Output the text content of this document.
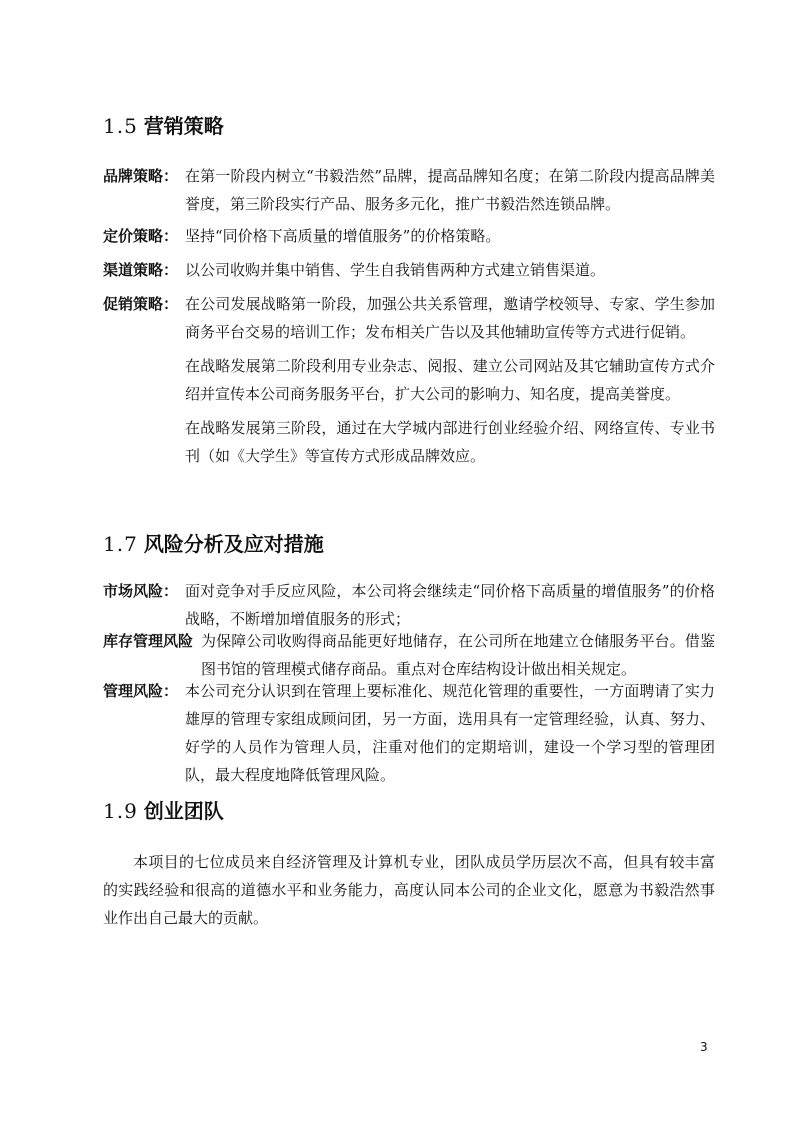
1.5 营销策略
品牌策略： 在第一阶段内树立“书毅浩然”品牌，提高品牌知名度；在第二阶段内提高品牌美誉度，第三阶段实行产品、服务多元化，推广书毅浩然连锁品牌。

定价策略： 坚持“同价格下高质量的增值服务”的价格策略。

渠道策略： 以公司收购并集中销售、学生自我销售两种方式建立销售渠道。

促销策略： 在公司发展战略第一阶段，加强公共关系管理，邀请学校领导、专家、学生参加商务平台交易的培训工作；发布相关广告以及其他辅助宣传等方式进行促销。

在战略发展第二阶段利用专业杂志、阅报、建立公司网站及其它辅助宣传方式介绍并宣传本公司商务服务平台，扩大公司的影响力、知名度，提高美誉度。

在战略发展第三阶段，通过在大学城内部进行创业经验介绍、网络宣传、专业书刊（如《大学生》等宣传方式形成品牌效应。

1.7 风险分析及应对措施
市场风险： 面对竞争对手反应风险，本公司将会继续走“同价格下高质量的增值服务”的价格战略，不断增加增值服务的形式；

库存管理风险 为保障公司收购得商品能更好地储存，在公司所在地建立仓储服务平台。借鉴图书馆的管理模式储存商品。重点对仓库结构设计做出相关规定。

管理风险： 本公司充分认识到在管理上要标准化、规范化管理的重要性，一方面聘请了实力雄厚的管理专家组成顾问团，另一方面，选用具有一定管理经验，认真、努力、好学的人员作为管理人员，注重对他们的定期培训，建设一个学习型的管理团队，最大程度地降低管理风险。

1.9 创业团队

本项目的七位成员来自经济管理及计算机专业，团队成员学历层次不高，但具有较丰富的实践经验和很高的道德水平和业务能力，高度认同本公司的企业文化，愿意为书毅浩然事业作出自己最大的贡献。

3
